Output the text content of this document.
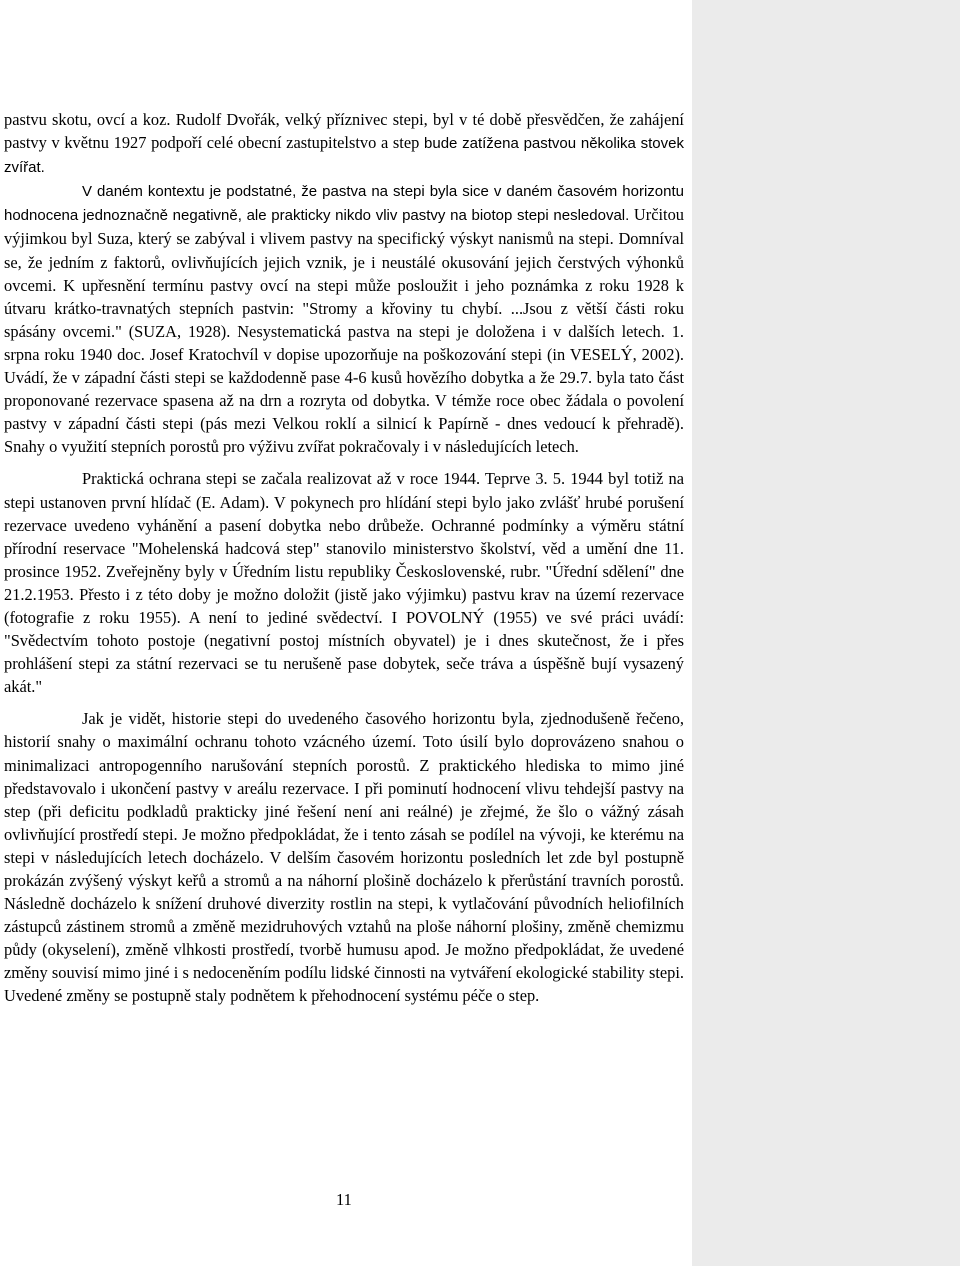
pastvu skotu, ovcí a koz. Rudolf Dvořák, velký příznivec stepi, byl v té době přesvědčen, že zahájení pastvy v květnu 1927 podpoří celé obecní zastupitelstvo a step bude zatížena pastvou několika stovek zvířat.

V daném kontextu je podstatné, že pastva na stepi byla sice v daném časovém horizontu hodnocena jednoznačně negativně, ale prakticky nikdo vliv pastvy na biotop stepi nesledoval. Určitou výjimkou byl Suza, který se zabýval i vlivem pastvy na specifický výskyt nanismů na stepi. Domníval se, že jedním z faktorů, ovlivňujících jejich vznik, je i neustálé okusování jejich čerstvých výhonků ovcemi. K upřesnění termínu pastvy ovcí na stepi může posloužit i jeho poznámka z roku 1928 k útvaru krátko-travnatých stepních pastvin: "Stromy a křoviny tu chybí. ...Jsou z větší části roku spásány ovcemi." (SUZA, 1928). Nesystematická pastva na stepi je doložena i v dalších letech. 1. srpna roku 1940 doc. Josef Kratochvíl v dopise upozorňuje na poškozování stepi (in VESELÝ, 2002). Uvádí, že v západní části stepi se každodenně pase 4-6 kusů hovězího dobytka a že 29.7. byla tato část proponované rezervace spasena až na drn a rozryta od dobytka. V témže roce obec žádala o povolení pastvy v západní části stepi (pás mezi Velkou roklí a silnicí k Papírně - dnes vedoucí k přehradě). Snahy o využití stepních porostů pro výživu zvířat pokračovaly i v následujících letech.

Praktická ochrana stepi se začala realizovat až v roce 1944. Teprve 3. 5. 1944 byl totiž na stepi ustanoven první hlídač (E. Adam). V pokynech pro hlídání stepi bylo jako zvlášť hrubé porušení rezervace uvedeno vyhánění a pasení dobytka nebo drůbeže. Ochranné podmínky a výměru státní přírodní reservace "Mohelenská hadcová step" stanovilo ministerstvo školství, věd a umění dne 11. prosince 1952. Zveřejněny byly v Úředním listu republiky Československé, rubr. "Úřední sdělení" dne 21.2.1953. Přesto i z této doby je možno doložit (jistě jako výjimku) pastvu krav na území rezervace (fotografie z roku 1955). A není to jediné svědectví. I POVOLNÝ (1955) ve své práci uvádí: "Svědectvím tohoto postoje (negativní postoj místních obyvatel) je i dnes skutečnost, že i přes prohlášení stepi za státní rezervaci se tu nerušeně pase dobytek, seče tráva a úspěšně bují vysazený akát."

Jak je vidět, historie stepi do uvedeného časového horizontu byla, zjednodušeně řečeno, historií snahy o maximální ochranu tohoto vzácného území. Toto úsilí bylo doprovázeno snahou o minimalizaci antropogenního narušování stepních porostů. Z praktického hlediska to mimo jiné představovalo i ukončení pastvy v areálu rezervace. I při pominutí hodnocení vlivu tehdejší pastvy na step (při deficitu podkladů prakticky jiné řešení není ani reálné) je zřejmé, že šlo o vážný zásah ovlivňující prostředí stepi. Je možno předpokládat, že i tento zásah se podílel na vývoji, ke kterému na stepi v následujících letech docházelo. V delším časovém horizontu posledních let zde byl postupně prokázán zvýšený výskyt keřů a stromů a na náhorní plošině docházelo k přerůstání travních porostů. Následně docházelo k snížení druhové diverzity rostlin na stepi, k vytlačování původních heliofilních zástupců zástinem stromů a změně mezidruhových vztahů na ploše náhorní plošiny, změně chemizmu půdy (okyselení), změně vlhkosti prostředí, tvorbě humusu apod. Je možno předpokládat, že uvedené změny souvisí mimo jiné i s nedoceněním podílu lidské činnosti na vytváření ekologické stability stepi. Uvedené změny se postupně staly podnětem k přehodnocení systému péče o step.

11
